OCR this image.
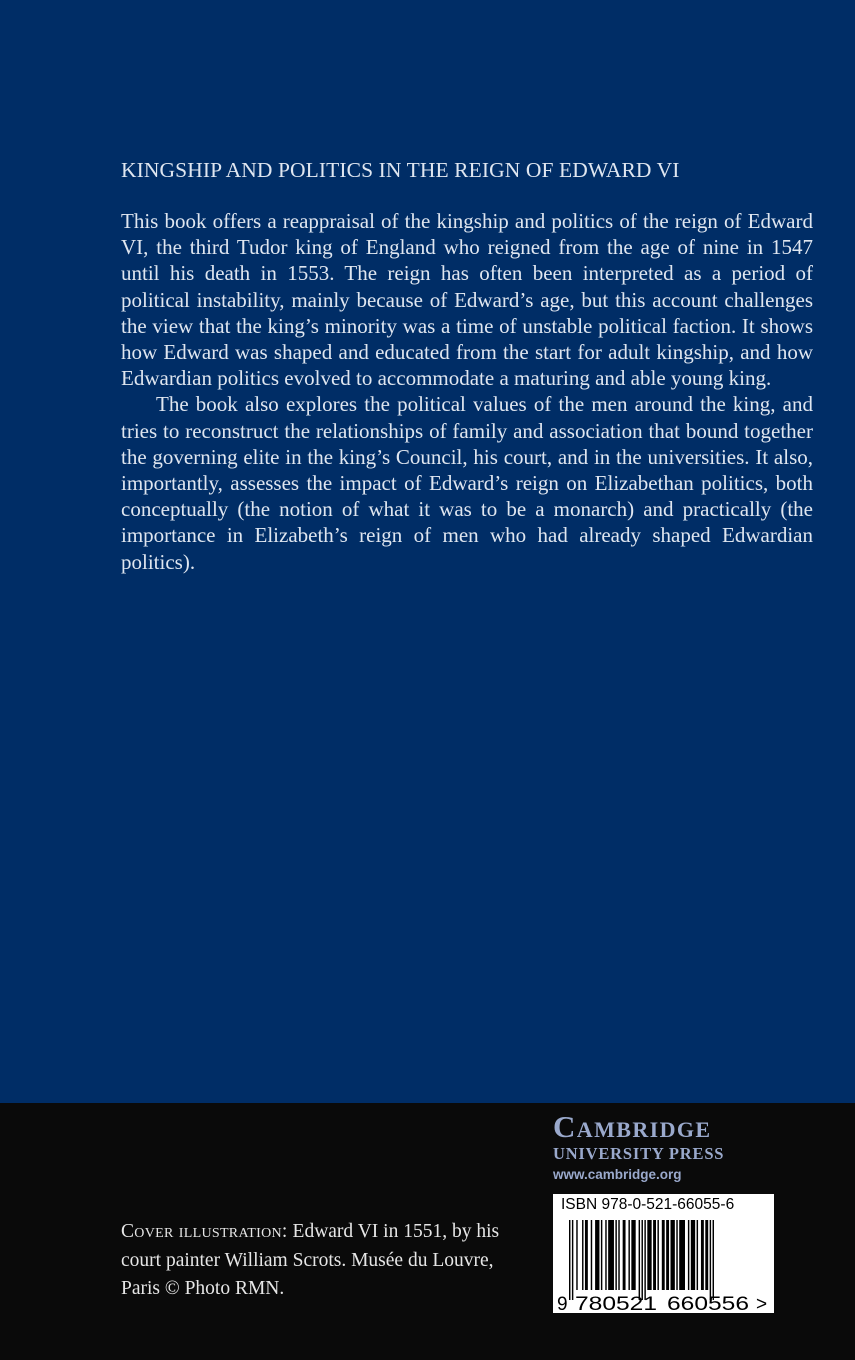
KINGSHIP AND POLITICS IN THE REIGN OF EDWARD VI

This book offers a reappraisal of the kingship and politics of the reign of Edward VI, the third Tudor king of England who reigned from the age of nine in 1547 until his death in 1553. The reign has often been interpreted as a period of political instability, mainly because of Edward’s age, but this account challenges the view that the king’s minority was a time of unstable political faction. It shows how Edward was shaped and educated from the start for adult kingship, and how Edwardian politics evolved to accommodate a maturing and able young king.

The book also explores the political values of the men around the king, and tries to reconstruct the relationships of family and association that bound together the governing elite in the king’s Council, his court, and in the universities. It also, importantly, assesses the impact of Edward’s reign on Elizabethan politics, both conceptually (the notion of what it was to be a monarch) and practically (the importance in Elizabeth’s reign of men who had already shaped Edwardian politics).

Cover illustration: Edward VI in 1551, by his court painter William Scrots. Musée du Louvre, Paris © Photo RMN.
Cambridge
UNIVERSITY PRESS
www.cambridge.org
ISBN 978-0-521-66055-6
9 780521 660556 >
